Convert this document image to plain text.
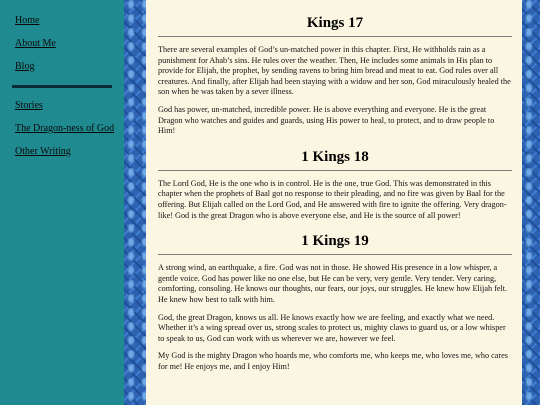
Home
About Me
Blog
Stories
The Dragon-ness of God
Other Writing
Kings 17

There are several examples of God’s un-matched power in this chapter. First, He withholds rain as a punishment for Ahab’s sins. He rules over the weather. Then, He includes some animals in His plan to provide for Elijah, the prophet, by sending ravens to bring him bread and meat to eat. God rules over all creatures. And finally, after Elijah had been staying with a widow and her son, God miraculously healed the son when he was taken by a sever illness.

God has power, un-matched, incredible power. He is above everything and everyone. He is the great Dragon who watches and guides and guards, using His power to heal, to protect, and to draw people to Him!

1 Kings 18

The Lord God, He is the one who is in control. He is the one, true God. This was demonstrated in this chapter when the prophets of Baal got no response to their pleading, and no fire was given by Baal for the offering. But Elijah called on the Lord God, and He answered with fire to ignite the offering. Very dragon-like! God is the great Dragon who is above everyone else, and He is the source of all power!

1 Kings 19

A strong wind, an earthquake, a fire. God was not in those. He showed His presence in a low whisper, a gentle voice. God has power like no one else, but He can be very, very gentle. Very tender. Very caring, comforting, consoling. He knows our thoughts, our fears, our joys, our struggles. He knew how Elijah felt. He knew how best to talk with him.

God, the great Dragon, knows us all. He knows exactly how we are feeling, and exactly what we need. Whether it’s a wing spread over us, strong scales to protect us, mighty claws to guard us, or a low whisper to speak to us, God can work with us wherever we are, however we feel.

My God is the mighty Dragon who hoards me, who comforts me, who keeps me, who loves me, who cares for me! He enjoys me, and I enjoy Him!
